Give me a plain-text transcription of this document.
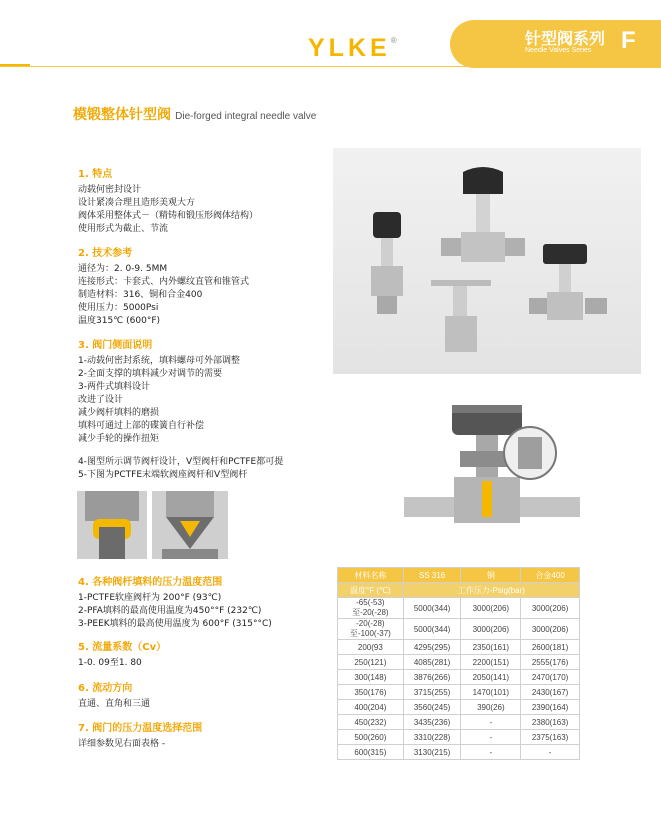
YLKE®	针型阀系列
Needle Valves Series F
模锻整体针型阀 Die-forged integral needle valve
1. 特点

动载何密封设计

设计紧凑合理且造形美观大方

阀体采用整体式－（精铸和锻压形阀体结构）

使用形式为截止、节流

2. 技术参考

通径为：2. 0-9. 5MM

连接形式：卡套式、内外螺纹直管和锥管式

制造材料：316、铜和合金400

使用压力：5000Psi

温度315℃ (600°F)

3. 阀门侧面说明

1-动载何密封系统，填料螺母可外部调整

2-全面支撑的填料减少对调节的需要

3-两件式填料设计

改进了设计

减少阀杆填料的磨损

填料可通过上部的碟簧自行补偿

减少手轮的操作扭矩

4-图型所示调节阀杆设计，V型阀杆和PCTFE都可提

5-下图为PCTFE末端软阀座阀杆和V型阀杆

4. 各种阀杆填料的压力温度范围

1-PCTFE软座阀杆为 200°F (93℃)

2-PFA填料的最高使用温度为450°°F (232℃)

3-PEEK填料的最高使用温度为 600°F (315°°C)

5. 流量系数（Cv）

1-0. 09至1. 80

6. 流动方向

直通、直角和三通

7. 阀门的压力温度选择范围

详细参数见右面表格 -

材料名称	SS 316	铜	合金400
温度°F (℃)	工作压力-Psig(bar)		
-65(-53)至-20(-28)	5000(344)	3000(206)	3000(206)
-20(-28)至-100(-37)	5000(344)	3000(206)	3000(206)
200(93	4295(295)	2350(161)	2600(181)
250(121)	4085(281)	2200(151)	2555(176)
300(148)	3876(266)	2050(141)	2470(170)
350(176)	3715(255)	1470(101)	2430(167)
400(204)	3560(245)	390(26)	2390(164)
450(232)	3435(236)	-	2380(163)
500(260)	3310(228)	-	2375(163)
600(315)	3130(215)	-	-
